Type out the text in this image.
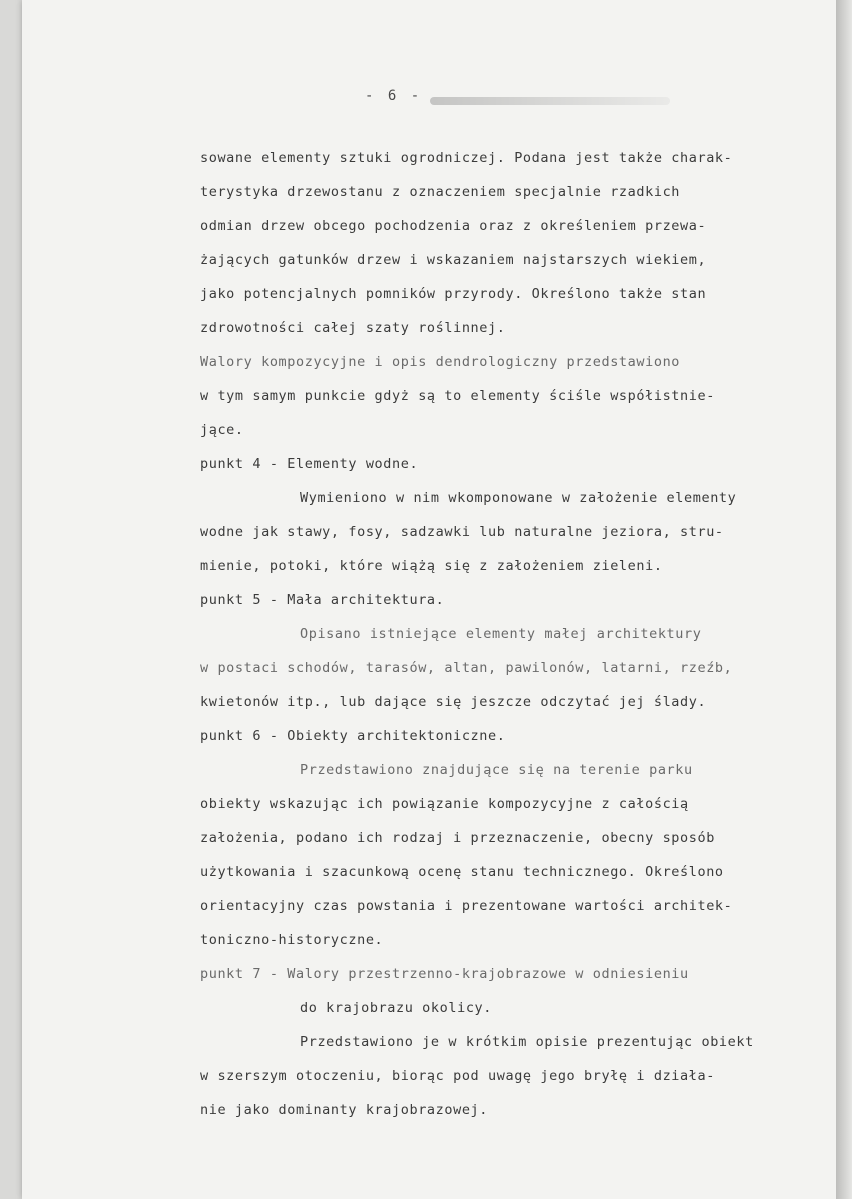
- 6 -
sowane elementy sztuki ogrodniczej. Podana jest także charak-
terystyka drzewostanu z oznaczeniem specjalnie rzadkich
odmian drzew obcego pochodzenia oraz z określeniem przewa-
żających gatunków drzew i wskazaniem najstarszych wiekiem,
jako potencjalnych pomników przyrody. Określono także stan
zdrowotności całej szaty roślinnej.
Walory kompozycyjne i opis dendrologiczny przedstawiono
w tym samym punkcie gdyż są to elementy ściśle współistnie-
jące.
punkt 4 - Elementy wodne.
Wymieniono w nim wkomponowane w założenie elementy
wodne jak stawy, fosy, sadzawki lub naturalne jeziora, stru-
mienie, potoki, które wiążą się z założeniem zieleni.
punkt 5 - Mała architektura.
Opisano istniejące elementy małej architektury
w postaci schodów, tarasów, altan, pawilonów, latarni, rzeźb,
kwietonów itp., lub dające się jeszcze odczytać jej ślady.
punkt 6 - Obiekty architektoniczne.
Przedstawiono znajdujące się na terenie parku
obiekty wskazując ich powiązanie kompozycyjne z całością
założenia, podano ich rodzaj i przeznaczenie, obecny sposób
użytkowania i szacunkową ocenę stanu technicznego. Określono
orientacyjny czas powstania i prezentowane wartości architek-
toniczno-historyczne.
punkt 7 - Walory przestrzenno-krajobrazowe w odniesieniu
do krajobrazu okolicy.
Przedstawiono je w krótkim opisie prezentując obiekt
w szerszym otoczeniu, biorąc pod uwagę jego bryłę i działa-
nie jako dominanty krajobrazowej.
